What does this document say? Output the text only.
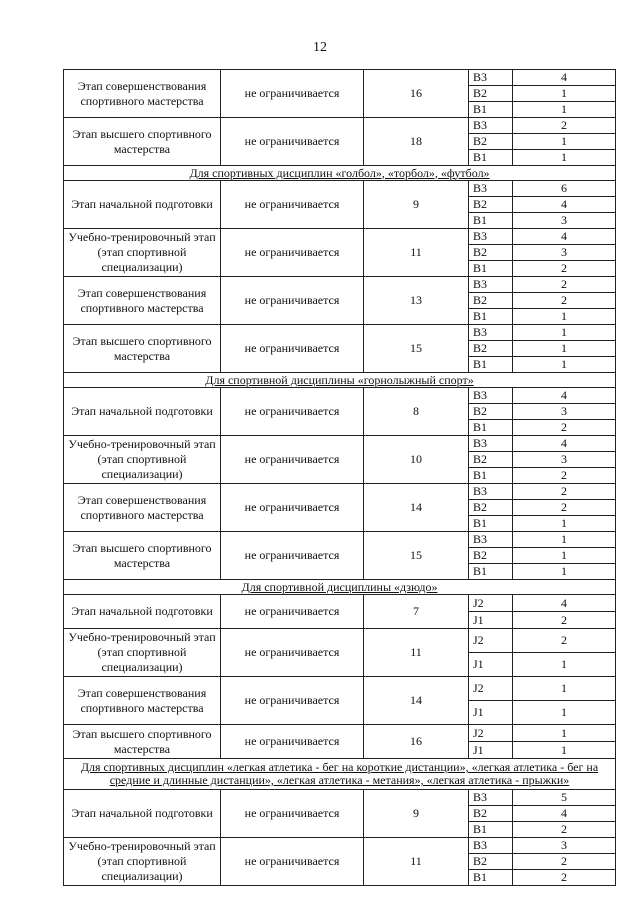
12
Этап совершенствования спортивного мастерства	не ограничивается	16	В3	4
			В2	1
			В1	1
Этап высшего спортивного мастерства	не ограничивается	18	В3	2
			В2	1
			В1	1
Для спортивных дисциплин «голбол», «торбол», «футбол»				
Этап начальной подготовки	не ограничивается	9	В3	6
			В2	4
			В1	3
Учебно-тренировочный этап (этап спортивной специализации)	не ограничивается	11	В3	4
			В2	3
			В1	2
Этап совершенствования спортивного мастерства	не ограничивается	13	В3	2
			В2	2
			В1	1
Этап высшего спортивного мастерства	не ограничивается	15	В3	1
			В2	1
			В1	1
Для спортивной дисциплины «горнолыжный спорт»				
Этап начальной подготовки	не ограничивается	8	В3	4
			В2	3
			В1	2
Учебно-тренировочный этап (этап спортивной специализации)	не ограничивается	10	В3	4
			В2	3
			В1	2
Этап совершенствования спортивного мастерства	не ограничивается	14	В3	2
			В2	2
			В1	1
Этап высшего спортивного мастерства	не ограничивается	15	В3	1
			В2	1
			В1	1
Для спортивной дисциплины «дзюдо»				
Этап начальной подготовки	не ограничивается	7	J2	4
			J1	2
Учебно-тренировочный этап (этап спортивной специализации)	не ограничивается	11	J2	2
			J1	1
Этап совершенствования спортивного мастерства	не ограничивается	14	J2	1
			J1	1
Этап высшего спортивного мастерства	не ограничивается	16	J2	1
			J1	1
Для спортивных дисциплин «легкая атлетика - бег на короткие дистанции», «легкая атлетика - бег на средние и длинные дистанции», «легкая атлетика - метания», «легкая атлетика - прыжки»				
Этап начальной подготовки	не ограничивается	9	В3	5
			В2	4
			В1	2
Учебно-тренировочный этап (этап спортивной специализации)	не ограничивается	11	В3	3
			В2	2
			В1	2
